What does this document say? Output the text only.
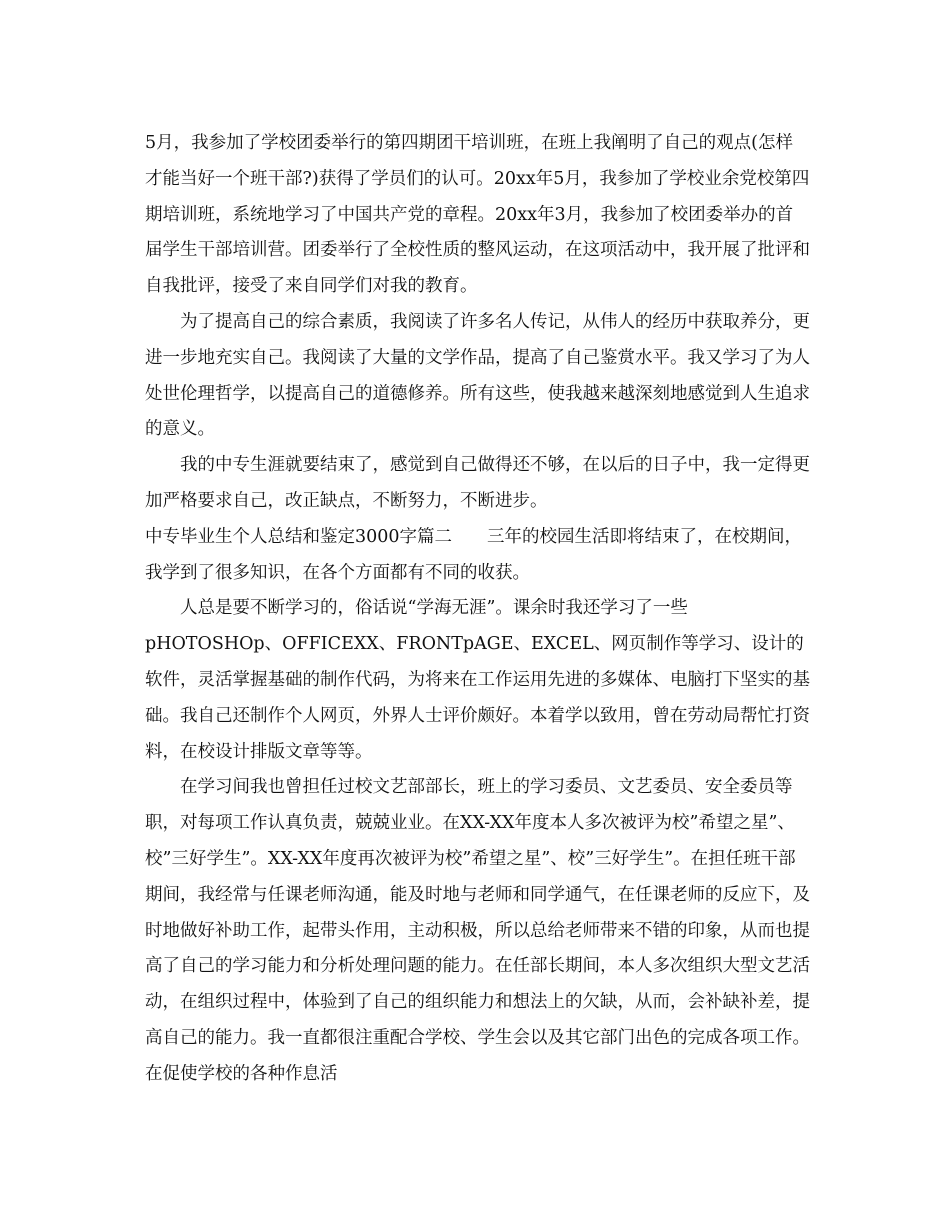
5月，我参加了学校团委举行的第四期团干培训班，在班上我阐明了自己的观点(怎样才能当好一个班干部?)获得了学员们的认可。20xx年5月，我参加了学校业余党校第四期培训班，系统地学习了中国共产党的章程。20xx年3月，我参加了校团委举办的首届学生干部培训营。团委举行了全校性质的整风运动，在这项活动中，我开展了批评和自我批评，接受了来自同学们对我的教育。

为了提高自己的综合素质，我阅读了许多名人传记，从伟人的经历中获取养分，更进一步地充实自己。我阅读了大量的文学作品，提高了自己鉴赏水平。我又学习了为人处世伦理哲学，以提高自己的道德修养。所有这些，使我越来越深刻地感觉到人生追求的意义。

我的中专生涯就要结束了，感觉到自己做得还不够，在以后的日子中，我一定得更加严格要求自己，改正缺点，不断努力，不断进步。

中专毕业生个人总结和鉴定3000字篇二　　三年的校园生活即将结束了，在校期间，我学到了很多知识，在各个方面都有不同的收获。

人总是要不断学习的，俗话说“学海无涯”。课余时我还学习了一些pHOTOSHOp、OFFICEXX、FRONTpAGE、EXCEL、网页制作等学习、设计的软件，灵活掌握基础的制作代码，为将来在工作运用先进的多媒体、电脑打下坚实的基础。我自己还制作个人网页，外界人士评价颇好。本着学以致用，曾在劳动局帮忙打资料，在校设计排版文章等等。

在学习间我也曾担任过校文艺部部长，班上的学习委员、文艺委员、安全委员等职，对每项工作认真负责，兢兢业业。在XX-XX年度本人多次被评为校”希望之星”、校”三好学生”。XX-XX年度再次被评为校”希望之星”、校”三好学生”。在担任班干部期间，我经常与任课老师沟通，能及时地与老师和同学通气，在任课老师的反应下，及时地做好补助工作，起带头作用，主动积极，所以总给老师带来不错的印象，从而也提高了自己的学习能力和分析处理问题的能力。在任部长期间，本人多次组织大型文艺活动，在组织过程中，体验到了自己的组织能力和想法上的欠缺，从而，会补缺补差，提高自己的能力。我一直都很注重配合学校、学生会以及其它部门出色的完成各项工作。在促使学校的各种作息活
